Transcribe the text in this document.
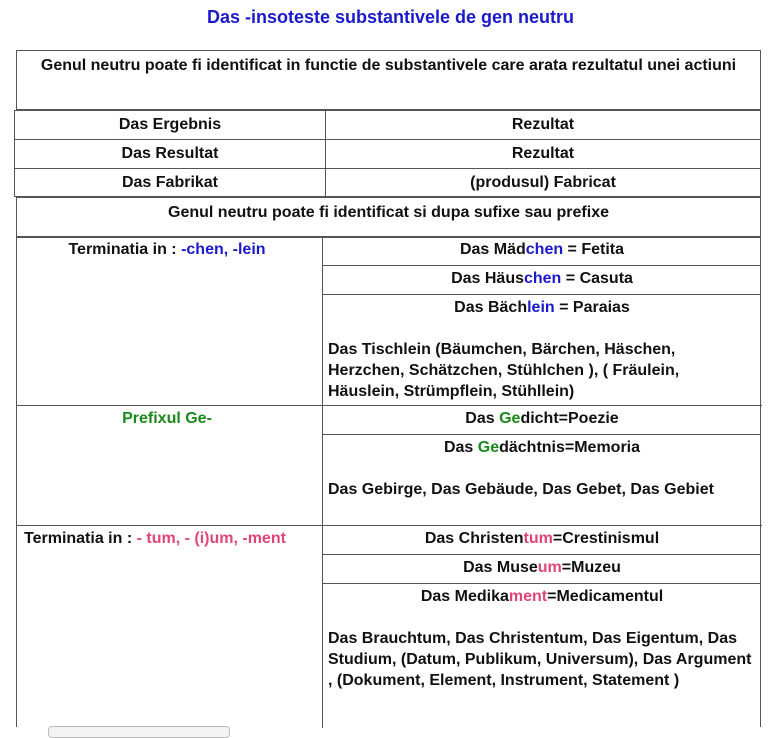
Das -insoteste substantivele de gen neutru
Genul neutru poate fi identificat in functie de substantivele care arata rezultatul unei actiuni
Das Ergebnis	Rezultat
Das Resultat	Rezultat
Das Fabrikat	(produsul) Fabricat
Genul neutru poate fi identificat si dupa sufixe sau prefixe
Terminatia in : -chen, -lein	Das Mädchen = Fetita
Das Häuschen = Casuta
Das Bächlein = Paraias
Das Tischlein (Bäumchen, Bärchen, Häschen, Herzchen, Schätzchen, Stühlchen ), ( Fräulein, Häuslein, Strümpflein, Stühllein)
Prefixul Ge-	Das Gedicht=Poezie
Das Gedächtnis=Memoria
Das Gebirge, Das Gebäude, Das Gebet, Das Gebiet
Terminatia in : - tum, - (i)um, -ment	Das Christentum=Crestinismul
Das Museum=Muzeu
Das Medikament=Medicamentul
Das Brauchtum, Das Christentum, Das Eigentum, Das Studium, (Datum, Publikum, Universum), Das Argument , (Dokument, Element, Instrument, Statement )
